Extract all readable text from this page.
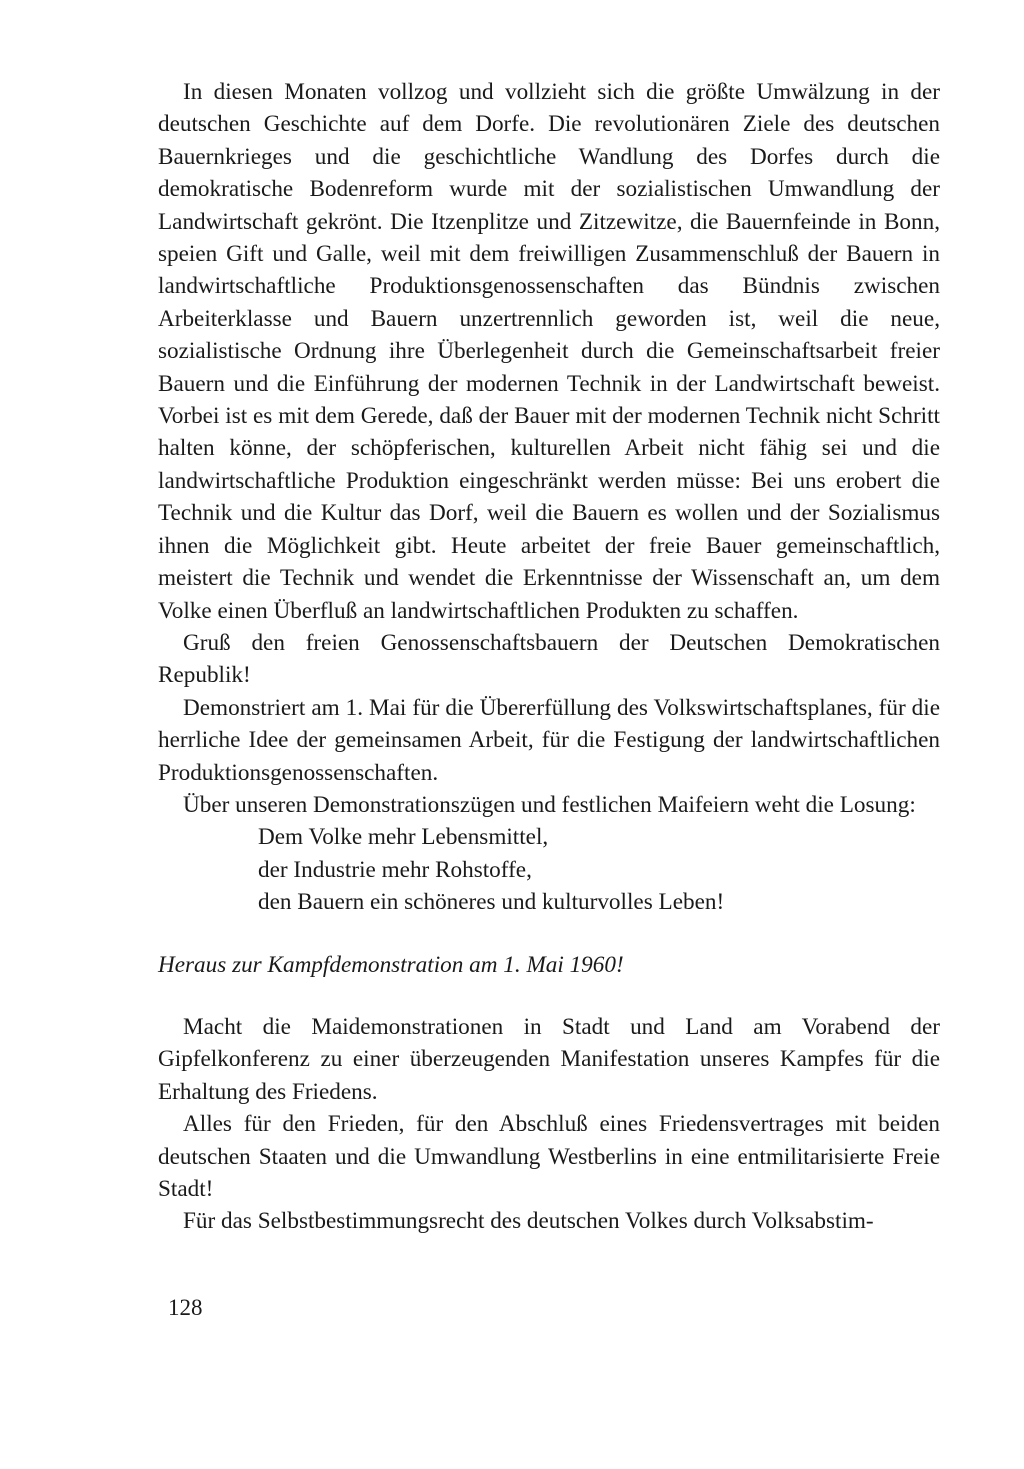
In diesen Monaten vollzog und vollzieht sich die größte Umwälzung in der deutschen Geschichte auf dem Dorfe. Die revolutionären Ziele des deutschen Bauernkrieges und die geschichtliche Wandlung des Dorfes durch die demokratische Bodenreform wurde mit der sozialistischen Umwandlung der Landwirtschaft gekrönt. Die Itzenplitze und Zitzewitze, die Bauernfeinde in Bonn, speien Gift und Galle, weil mit dem freiwilligen Zusammenschluß der Bauern in landwirtschaftliche Produktionsgenossenschaften das Bündnis zwischen Arbeiterklasse und Bauern unzertrennlich geworden ist, weil die neue, sozialistische Ordnung ihre Überlegenheit durch die Gemeinschaftsarbeit freier Bauern und die Einführung der modernen Technik in der Landwirtschaft beweist. Vorbei ist es mit dem Gerede, daß der Bauer mit der modernen Technik nicht Schritt halten könne, der schöpferischen, kulturellen Arbeit nicht fähig sei und die landwirtschaftliche Produktion eingeschränkt werden müsse: Bei uns erobert die Technik und die Kultur das Dorf, weil die Bauern es wollen und der Sozialismus ihnen die Möglichkeit gibt. Heute arbeitet der freie Bauer gemeinschaftlich, meistert die Technik und wendet die Erkenntnisse der Wissenschaft an, um dem Volke einen Überfluß an landwirtschaftlichen Produkten zu schaffen.

Gruß den freien Genossenschaftsbauern der Deutschen Demokratischen Republik!

Demonstriert am 1. Mai für die Übererfüllung des Volkswirtschaftsplanes, für die herrliche Idee der gemeinsamen Arbeit, für die Festigung der landwirtschaftlichen Produktionsgenossenschaften.

Über unseren Demonstrationszügen und festlichen Maifeiern weht die Losung:

Dem Volke mehr Lebensmittel,
der Industrie mehr Rohstoffe,
den Bauern ein schöneres und kulturvolles Leben!

Heraus zur Kampfdemonstration am 1. Mai 1960!

Macht die Maidemonstrationen in Stadt und Land am Vorabend der Gipfelkonferenz zu einer überzeugenden Manifestation unseres Kampfes für die Erhaltung des Friedens.

Alles für den Frieden, für den Abschluß eines Friedensvertrages mit beiden deutschen Staaten und die Umwandlung Westberlins in eine entmilitarisierte Freie Stadt!

Für das Selbstbestimmungsrecht des deutschen Volkes durch Volksabstim-

128
